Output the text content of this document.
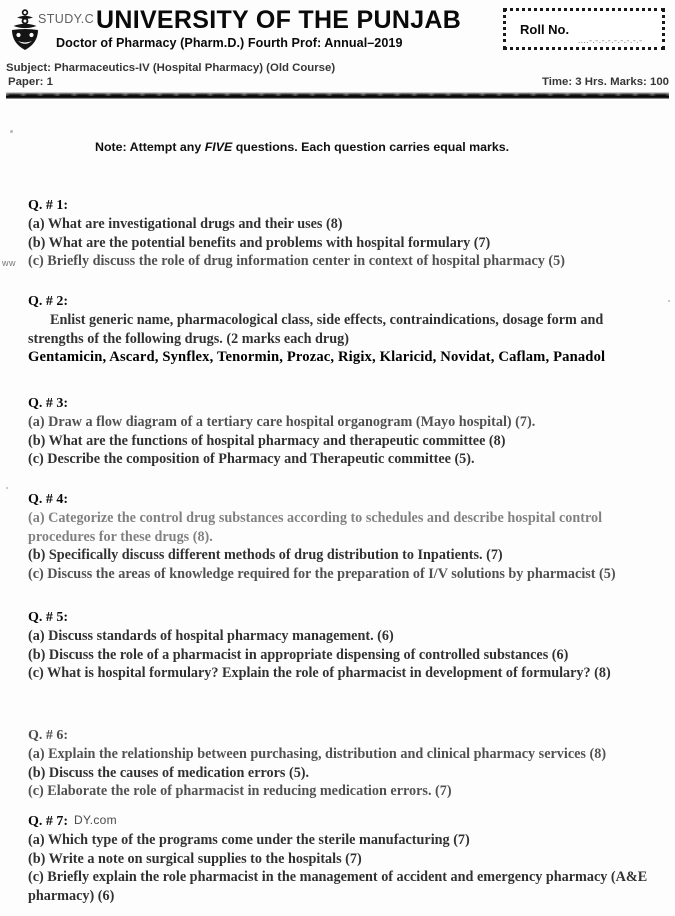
STUDY.C UNIVERSITY OF THE PUNJAB
Doctor of Pharmacy (Pharm.D.) Fourth Prof: Annual–2019
Roll No.
....-.-.-.-.-.-.-.-.-
Subject: Pharmaceutics-IV (Hospital Pharmacy) (Old Course)
Paper: 1	Time: 3 Hrs. Marks: 100
Note: Attempt any FIVE questions. Each question carries equal marks.
Q. # 1:
(a) What are investigational drugs and their uses (8)
(b) What are the potential benefits and problems with hospital formulary (7)
(c) Briefly discuss the role of drug information center in context of hospital pharmacy (5)
ww
Q. # 2:
Enlist generic name, pharmacological class, side effects, contraindications, dosage form and strengths of the following drugs. (2 marks each drug)
Gentamicin, Ascard, Synflex, Tenormin, Prozac, Rigix, Klaricid, Novidat, Caflam, Panadol
Q. # 3:
(a) Draw a flow diagram of a tertiary care hospital organogram (Mayo hospital) (7).
(b) What are the functions of hospital pharmacy and therapeutic committee (8)
(c) Describe the composition of Pharmacy and Therapeutic committee (5).
Q. # 4:
(a) Categorize the control drug substances according to schedules and describe hospital control procedures for these drugs (8).
(b) Specifically discuss different methods of drug distribution to Inpatients. (7)
(c) Discuss the areas of knowledge required for the preparation of I/V solutions by pharmacist (5)
Q. # 5:
(a) Discuss standards of hospital pharmacy management. (6)
(b) Discuss the role of a pharmacist in appropriate dispensing of controlled substances (6)
(c) What is hospital formulary? Explain the role of pharmacist in development of formulary? (8)
Q. # 6:
(a) Explain the relationship between purchasing, distribution and clinical pharmacy services (8)
(b) Discuss the causes of medication errors (5).
(c) Elaborate the role of pharmacist in reducing medication errors. (7)
Q. # 7:
(a) Which type of the programs come under the sterile manufacturing (7)
(b) Write a note on surgical supplies to the hospitals (7)
(c) Briefly explain the role pharmacist in the management of accident and emergency pharmacy (A&E pharmacy) (6)
DY.com
